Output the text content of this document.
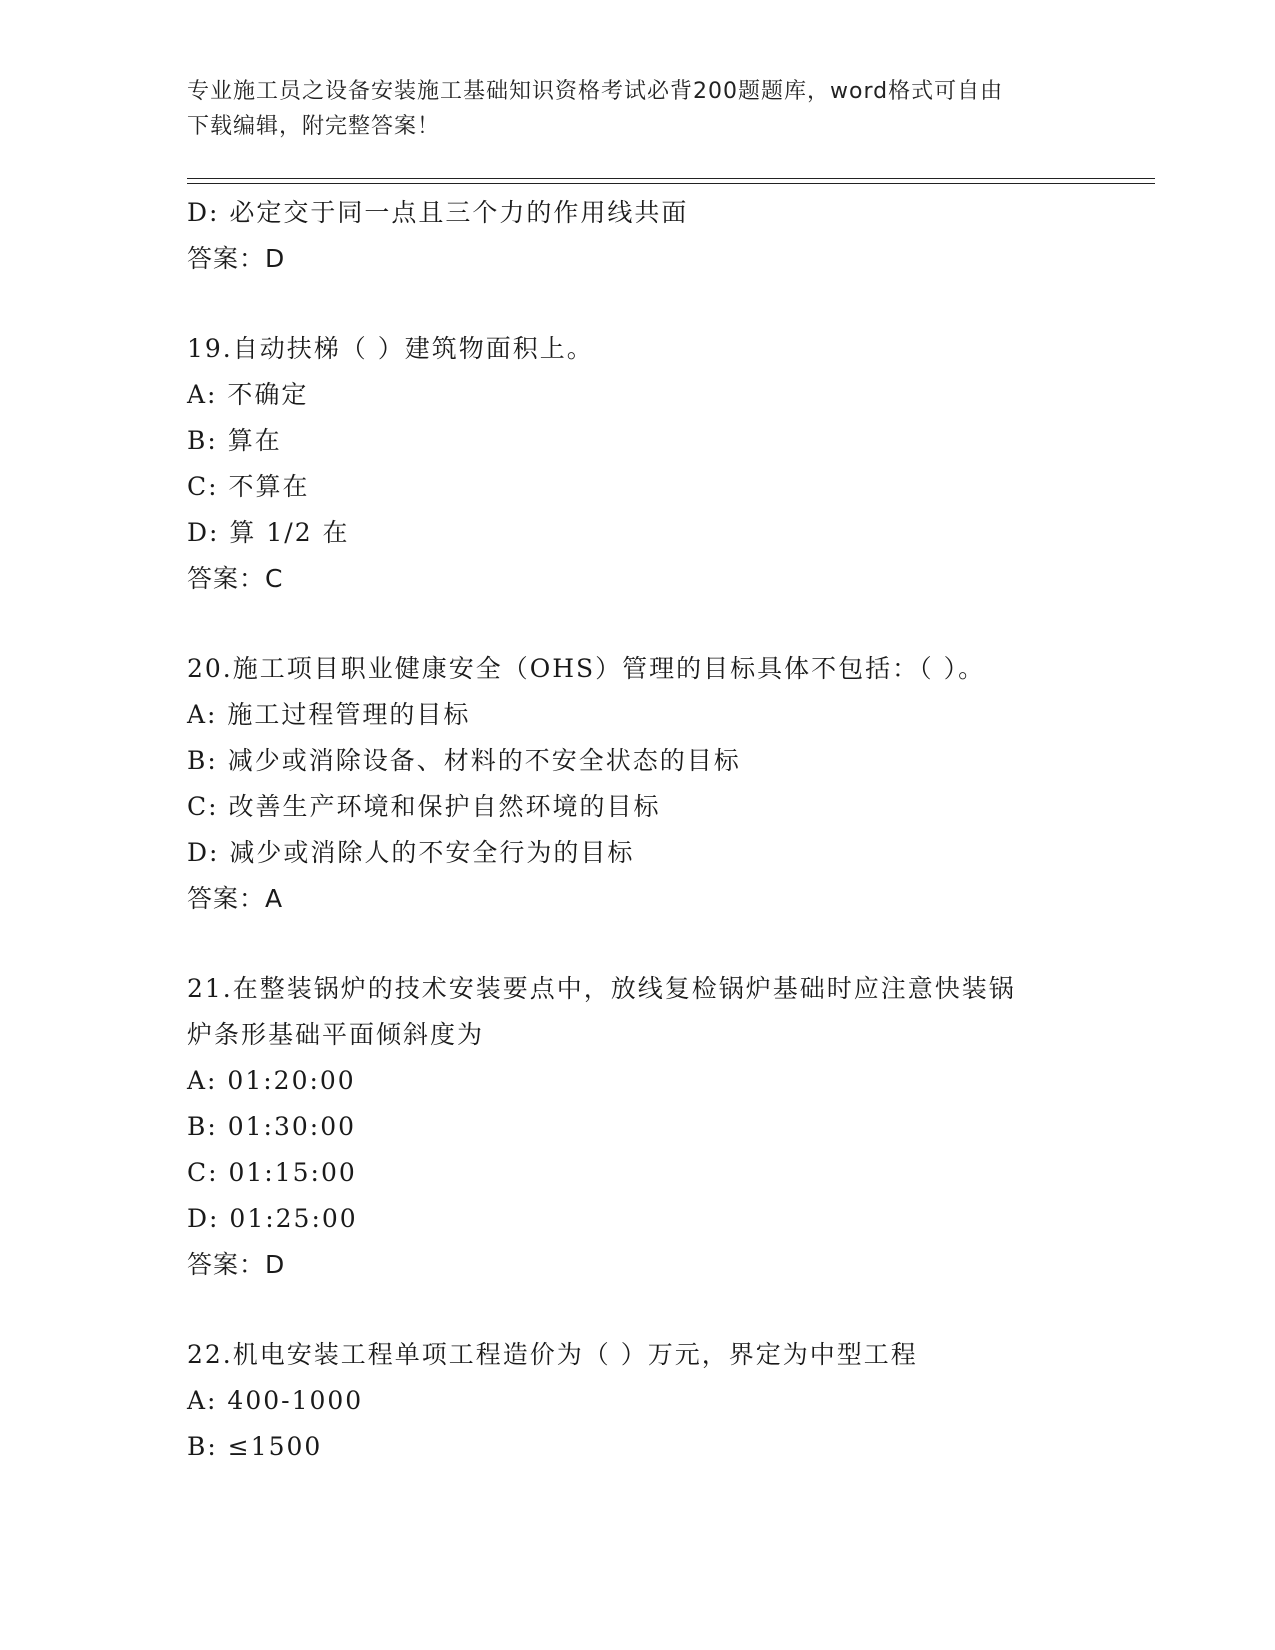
专业施工员之设备安装施工基础知识资格考试必背200题题库，word格式可自由
下载编辑，附完整答案！
D: 必定交于同一点且三个力的作用线共面
答案：D
19.自动扶梯（ ）建筑物面积上。
A: 不确定
B: 算在
C: 不算在
D: 算 1/2 在
答案：C
20.施工项目职业健康安全（OHS）管理的目标具体不包括：（ ）。
A: 施工过程管理的目标
B: 减少或消除设备、材料的不安全状态的目标
C: 改善生产环境和保护自然环境的目标
D: 减少或消除人的不安全行为的目标
答案：A
21.在整装锅炉的技术安装要点中，放线复检锅炉基础时应注意快装锅
炉条形基础平面倾斜度为
A: 01:20:00
B: 01:30:00
C: 01:15:00
D: 01:25:00
答案：D
22.机电安装工程单项工程造价为（ ）万元，界定为中型工程
A: 400-1000
B: ≤1500
